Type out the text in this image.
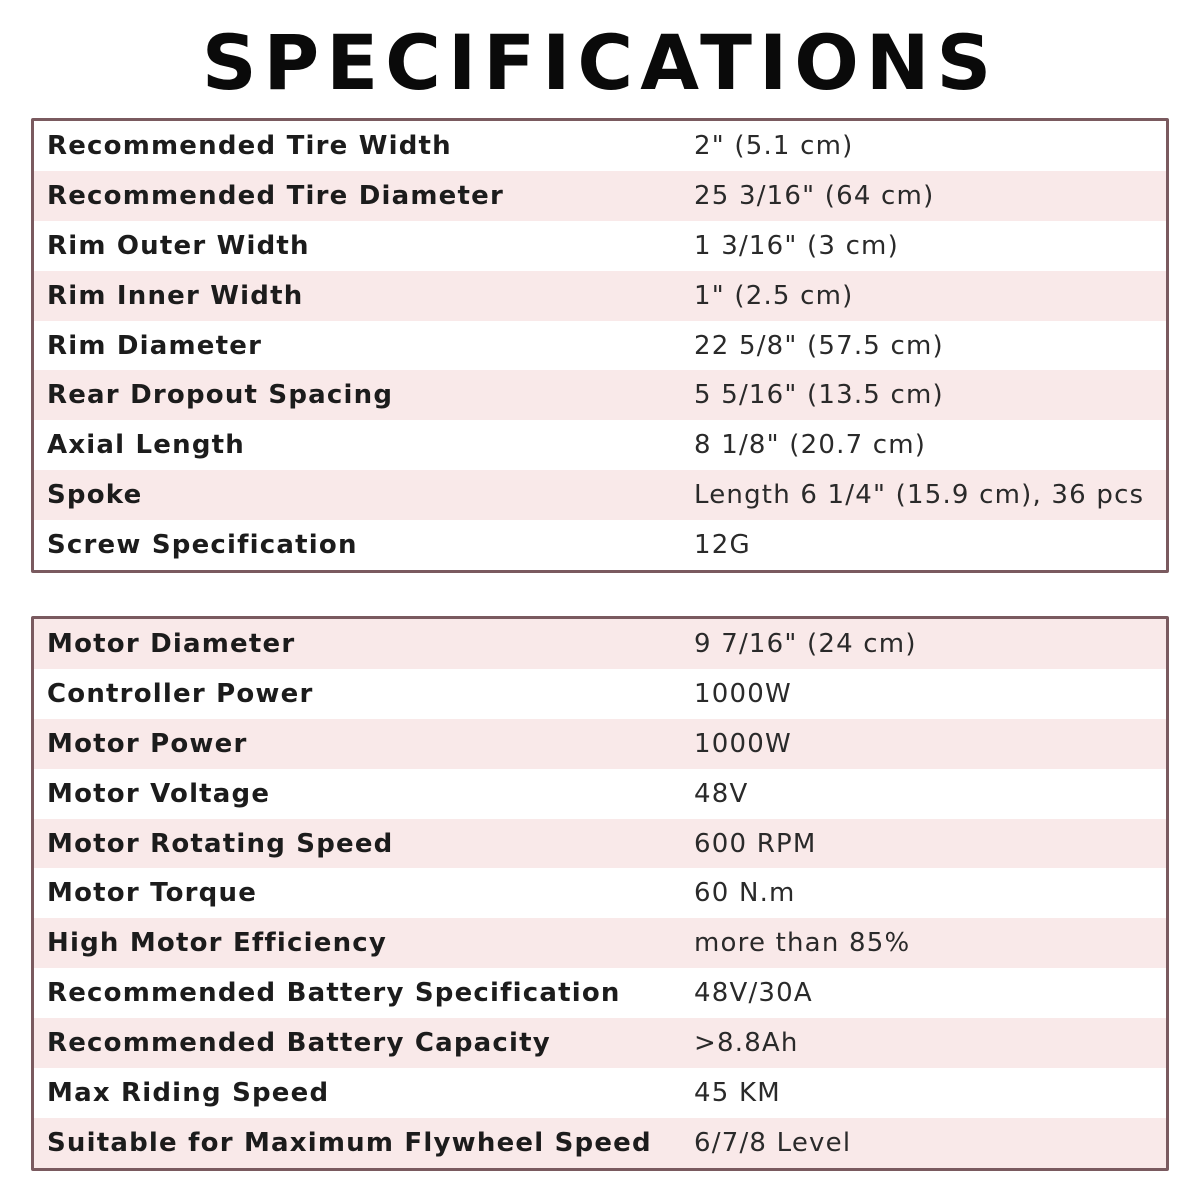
SPECIFICATIONS
Recommended Tire Width	2" (5.1 cm)
Recommended Tire Diameter	25 3/16" (64 cm)
Rim Outer Width	1 3/16" (3 cm)
Rim Inner Width	1" (2.5 cm)
Rim Diameter	22 5/8" (57.5 cm)
Rear Dropout Spacing	5 5/16" (13.5 cm)
Axial Length	8 1/8" (20.7 cm)
Spoke	Length 6 1/4" (15.9 cm), 36 pcs
Screw Specification	12G
Motor Diameter	9 7/16" (24 cm)
Controller Power	1000W
Motor Power	1000W
Motor Voltage	48V
Motor Rotating Speed	600 RPM
Motor Torque	60 N.m
High Motor Efficiency	more than 85%
Recommended Battery Specification	48V/30A
Recommended Battery Capacity	>8.8Ah
Max Riding Speed	45 KM
Suitable for Maximum Flywheel Speed 6/7/8 Level
